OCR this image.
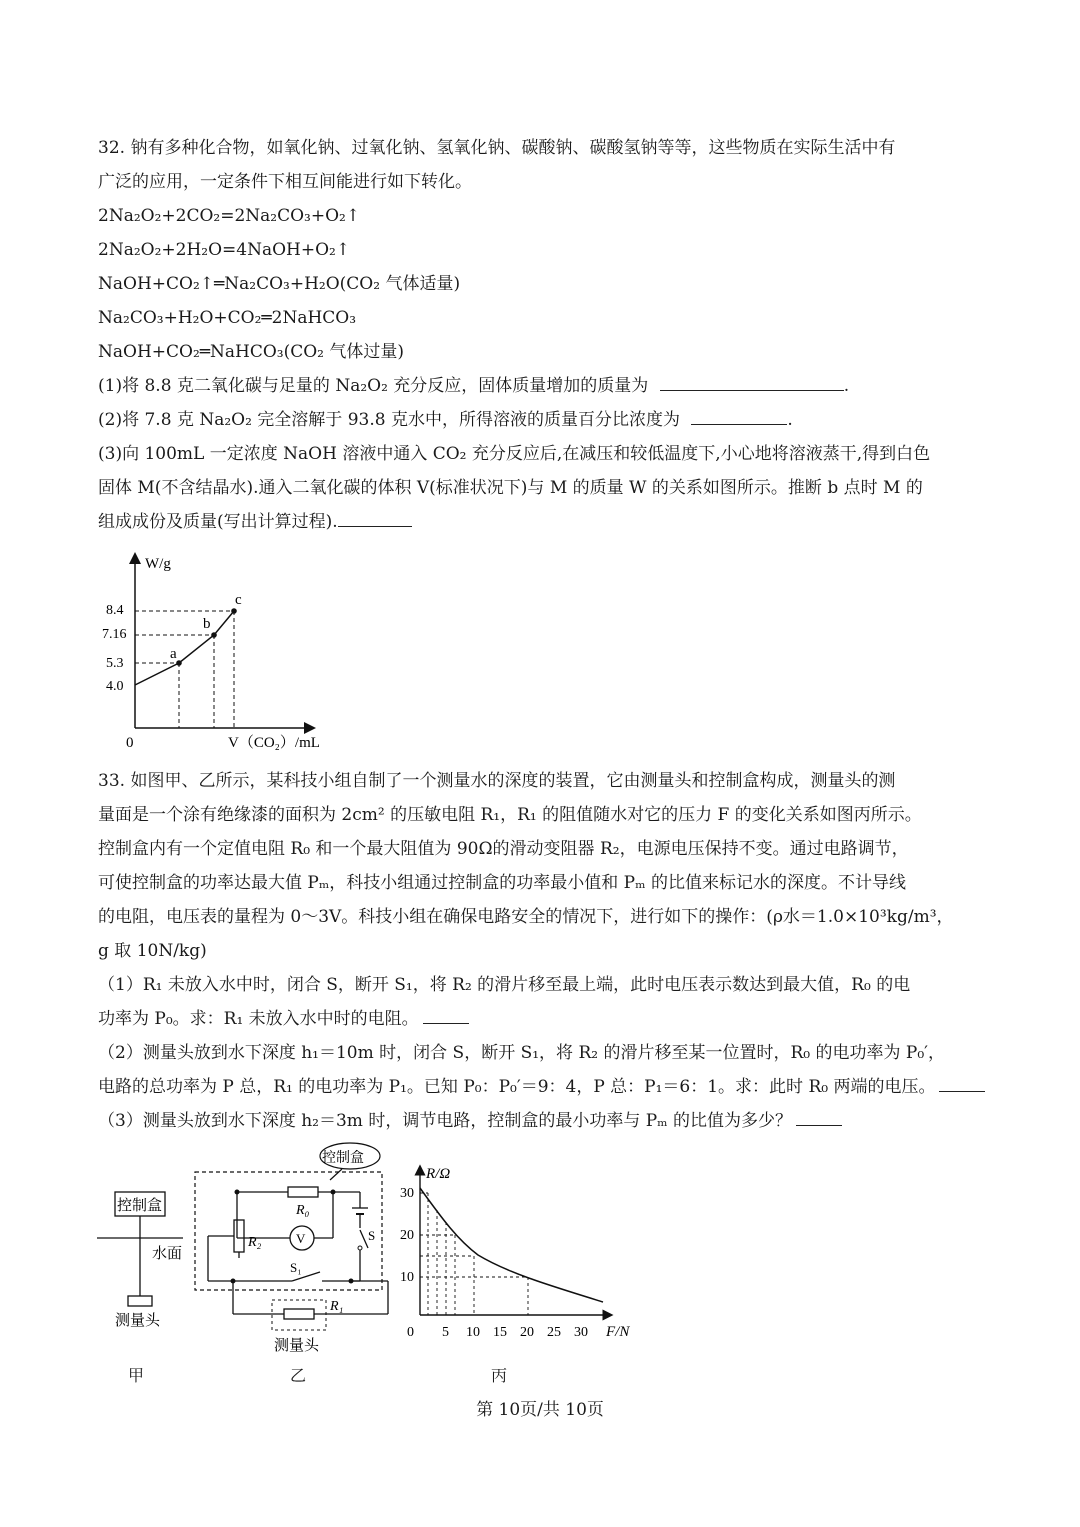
32. 钠有多种化合物，如氧化钠、过氧化钠、氢氧化钠、碳酸钠、碳酸氢钠等等，这些物质在实际生活中有
广泛的应用，一定条件下相互间能进行如下转化。
2Na₂O₂+2CO₂=2Na₂CO₃+O₂↑
2Na₂O₂+2H₂O=4NaOH+O₂↑
NaOH+CO₂↑═Na₂CO₃+H₂O(CO₂ 气体适量)
Na₂CO₃+H₂O+CO₂═2NaHCO₃
NaOH+CO₂═NaHCO₃(CO₂ 气体过量)
(1)将 8.8 克二氧化碳与足量的 Na₂O₂ 充分反应，固体质量增加的质量为	.
(2)将 7.8 克 Na₂O₂ 完全溶解于 93.8 克水中，所得溶液的质量百分比浓度为	.
(3)向 100mL 一定浓度 NaOH 溶液中通入 CO₂ 充分反应后,在减压和较低温度下,小心地将溶液蒸干,得到白色
固体 M(不含结晶水).通入二氧化碳的体积 V(标准状况下)与 M 的质量 W 的关系如图所示。推断 b 点时 M 的
组成成份及质量(写出计算过程).
W/g
0	V（CO₂）/mL
8.4
7.16
5.3
4.0
a
b
c
33. 如图甲、乙所示，某科技小组自制了一个测量水的深度的装置，它由测量头和控制盒构成，测量头的测
量面是一个涂有绝缘漆的面积为 2cm² 的压敏电阻 R₁，R₁ 的阻值随水对它的压力 F 的变化关系如图丙所示。
控制盒内有一个定值电阻 R₀ 和一个最大阻值为 90Ω的滑动变阻器 R₂，电源电压保持不变。通过电路调节，
可使控制盒的功率达最大值 Pₘ，科技小组通过控制盒的功率最小值和 Pₘ 的比值来标记水的深度。不计导线
的电阻，电压表的量程为 0～3V。科技小组在确保电路安全的情况下，进行如下的操作：(ρ水＝1.0×10³kg/m³，
g 取 10N/kg)
（1）R₁ 未放入水中时，闭合 S，断开 S₁，将 R₂ 的滑片移至最上端，此时电压表示数达到最大值，R₀ 的电
功率为 P₀。求：R₁ 未放入水中时的电阻。
（2）测量头放到水下深度 h₁＝10m 时，闭合 S，断开 S₁，将 R₂ 的滑片移至某一位置时，R₀ 的电功率为 P₀′，
电路的总功率为 P 总，R₁ 的电功率为 P₁。已知 P₀：P₀′＝9：4，P 总：P₁＝6：1。求：此时 R₀ 两端的电压。
（3）测量头放到水下深度 h₂＝3m 时，调节电路，控制盒的最小功率与 Pₘ 的比值为多少？
控制盒
水面
测量头
甲
控制盒
R₀
V	S
R₂
S₁
R₁
测量头
乙
R/Ω
F/N
30
20
10
0 5 10 15 20 25 30
丙
第 10页/共 10页
